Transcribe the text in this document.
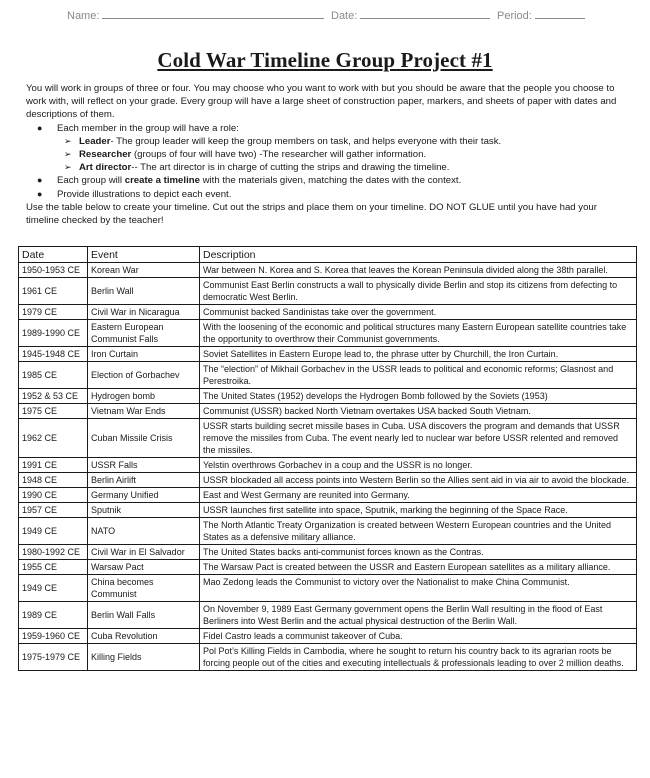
Name:	Date:	Period:
Cold War Timeline Group Project #1

You will work in groups of three or four. You may choose who you want to work with but you should be aware that the people you choose to work with, will reflect on your grade. Every group will have a large sheet of construction paper, markers, and sheets of paper with dates and descriptions of them.

● Each member in the group will have a role:

➢ Leader- The group leader will keep the group members on task, and helps everyone with their task.

➢ Researcher (groups of four will have two) -The researcher will gather information.

➢ Art director-- The art director is in charge of cutting the strips and drawing the timeline.

● Each group will create a timeline with the materials given, matching the dates with the context.

● Provide illustrations to depict each event.

Use the table below to create your timeline. Cut out the strips and place them on your timeline. DO NOT GLUE until you have had your timeline checked by the teacher!

Date	Event	Description
1950-1953 CE	Korean War	War between N. Korea and S. Korea that leaves the Korean Peninsula divided along the 38th parallel.
1961 CE	Berlin Wall	Communist East Berlin constructs a wall to physically divide Berlin and stop its citizens from defecting to democratic West Berlin.
1979 CE	Civil War in Nicaragua	Communist backed Sandinistas take over the government.
1989-1990 CE	Eastern European Communist Falls	With the loosening of the economic and political structures many Eastern European satellite countries take the opportunity to overthrow their Communist governments.
1945-1948 CE	Iron Curtain	Soviet Satellites in Eastern Europe lead to, the phrase utter by Churchill, the Iron Curtain.
1985 CE	Election of Gorbachev	The “election” of Mikhail Gorbachev in the USSR leads to political and economic reforms; Glasnost and Perestroika.
1952 & 53 CE	Hydrogen bomb	The United States (1952) develops the Hydrogen Bomb followed by the Soviets (1953)
1975 CE	Vietnam War Ends	Communist (USSR) backed North Vietnam overtakes USA backed South Vietnam.
1962 CE	Cuban Missile Crisis	USSR starts building secret missile bases in Cuba. USA discovers the program and demands that USSR remove the missiles from Cuba. The event nearly led to nuclear war before USSR relented and removed the missiles.
1991 CE	USSR Falls	Yelstin overthrows Gorbachev in a coup and the USSR is no longer.
1948 CE	Berlin Airlift	USSR blockaded all access points into Western Berlin so the Allies sent aid in via air to avoid the blockade.
1990 CE	Germany Unified	East and West Germany are reunited into Germany.
1957 CE	Sputnik	USSR launches first satellite into space, Sputnik, marking the beginning of the Space Race.
1949 CE	NATO	The North Atlantic Treaty Organization is created between Western European countries and the United States as a defensive military alliance.
1980-1992 CE	Civil War in El Salvador	The United States backs anti-communist forces known as the Contras.
1955 CE	Warsaw Pact	The Warsaw Pact is created between the USSR and Eastern European satellites as a military alliance.
1949 CE	China becomes Communist	Mao Zedong leads the Communist to victory over the Nationalist to make China Communist.
1989 CE	Berlin Wall Falls	On November 9, 1989 East Germany government opens the Berlin Wall resulting in the flood of East Berliners into West Berlin and the actual physical destruction of the Berlin Wall.
1959-1960 CE	Cuba Revolution	Fidel Castro leads a communist takeover of Cuba.
1975-1979 CE	Killing Fields	Pol Pot’s Killing Fields in Cambodia, where he sought to return his country back to its agrarian roots be forcing people out of the cities and executing intellectuals & professionals leading to over 2 million deaths.
